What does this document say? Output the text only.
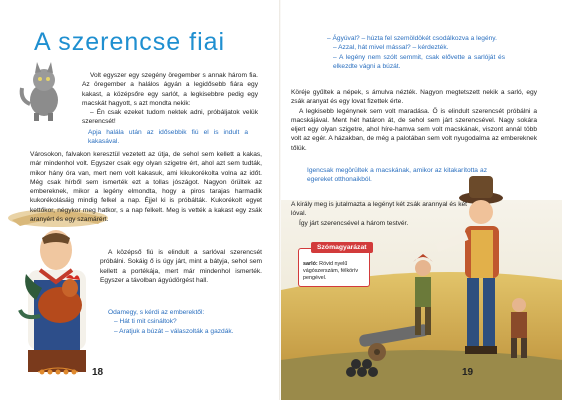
A szerencse fiai

Volt egyszer egy szegény öregember s annak három fia. Az öregember a halálos ágyán a legidősebb fiára egy kakast, a középsőre egy sarlót, a legkisebbre pedig egy macskát hagyott, s azt mondta nekik:

– Én csak ezeket tudom nektek adni, próbáljatok velük szerencsét!

Apja halála után az idősebbik fiú el is indult a kakasával.

Városokon, falvakon keresztül vezetett az útja, de sehol sem kellett a kakas, már mindenhol volt. Egyszer csak egy olyan szigetre ért, ahol azt sem tudták, mikor hány óra van, mert nem volt kakasuk, ami kikukorékolta volna az időt. Még csak hírből sem ismerték ezt a tollas jószágot. Nagyon örültek az embereknek, mikor a legény elmondta, hogy a piros tarajas harmadik kukorékolásáig mindig felkel a nap. Éjjel ki is próbálták. Kukorékolt egyet kettőkor, négykor meg hatkor, s a nap felkelt. Meg is vették a kakast egy zsák aranyért és egy szamárért.

A középső fiú is elindult a sarlóval szerencsét próbálni. Sokáig ő is úgy járt, mint a bátyja, sehol sem kellett a portékája, mert már mindenhol ismerték. Egyszer a távolban ágyúdörgést hall.

Odamegy, s kérdi az emberektől:

– Hát ti mit csináltok?

– Aratjuk a búzát – válaszolták a gazdák.

18

– Ágyúval? – húzta fel szemöldökét csodálkozva a legény.

– Azzal, hát mivel mással? – kérdezték.

– A legény nem szólt semmit, csak elővette a sarlóját és elkezdte vágni a búzát.

Köréje gyűltek a népek, s ámulva nézték. Nagyon megtetszett nekik a sarló, egy zsák aranyat és egy lovat fizettek érte.

A legkisebb legénynek sem volt maradása. Ő is elindult szerencsét próbálni a macskájával. Ment hét határon át, de sehol sem járt szerencsével. Nagy sokára eljert egy olyan szigetre, ahol híre-hamva sem volt macskának, viszont annál több volt az egér. A házakban, de még a palotában sem volt nyugodalma az embereknek tőlük.

Igencsak megörültek a macskának, amikor az kitakarította az egereket otthonaikból.

A király meg is jutalmazta a legényt két zsák arannyal és két lóval.

Így járt szerencsével a három testvér.

19
Szómagyarázat
sarló: Rövid nyelű vágószerszám, félkörív pengével.
